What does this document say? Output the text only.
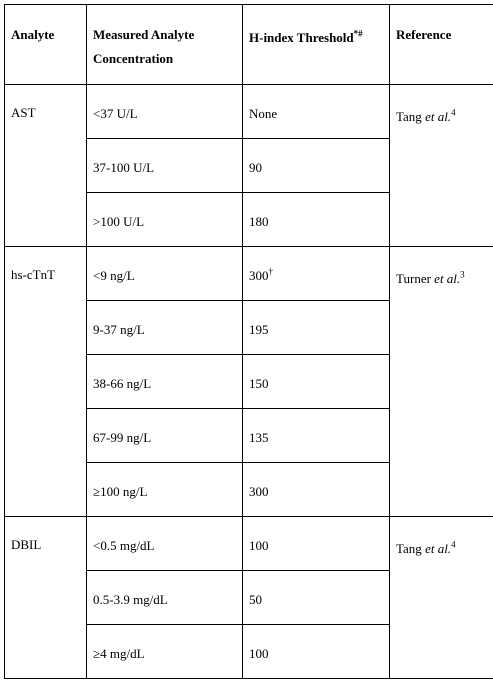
Analyte	Measured Analyte Concentration	H-index Threshold*#	Reference

AST	<37 U/L	None	Tang et al.$^4$

	37-100 U/L	90	

	>100 U/L	180	

hs-cTnT	<9 ng/L	300†	Turner et al.$^3$

	9-37 ng/L	195	

	38-66 ng/L	150	

	67-99 ng/L	135	

	≥100 ng/L	300	

DBIL	<0.5 mg/dL	100	Tang et al.$^4$

	0.5-3.9 mg/dL	50	

	≥4 mg/dL	100	
